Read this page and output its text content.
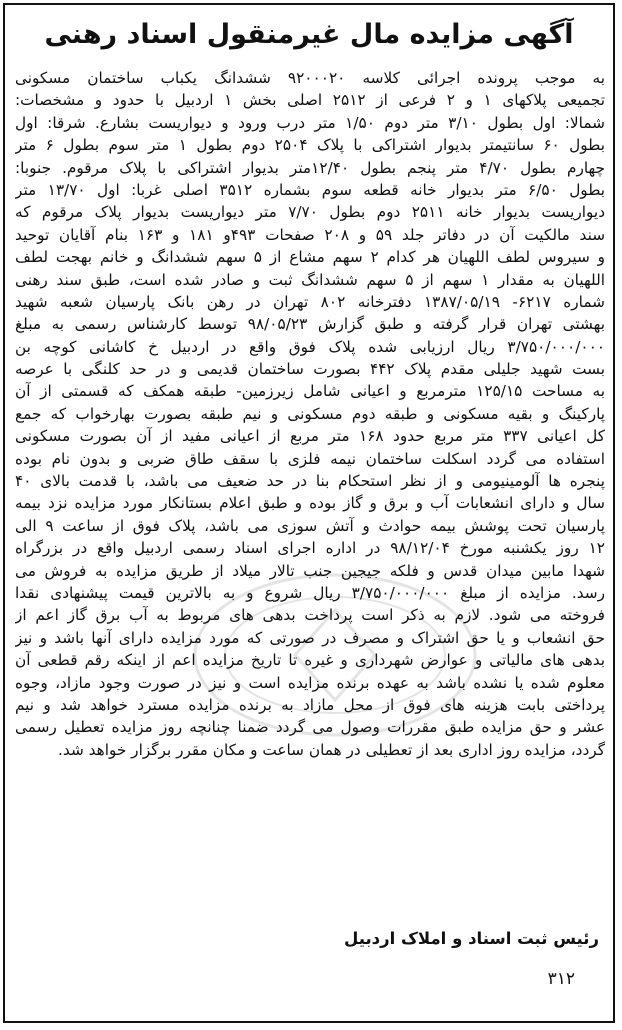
آگهی مزایده مال غیرمنقول اسناد رهنی
به موجب پرونده اجرائی کلاسه ۹۲۰۰۰۲۰ ششدانگ یکباب ساختمان مسکونی
تجمیعی پلاکهای ۱ و ۲ فرعی از ۲۵۱۲ اصلی بخش ۱ اردبیل با حدود و مشخصات:
شمالا: اول بطول ۳/۱۰ متر دوم ۱/۵۰ متر درب ورود و دیواریست بشارع. شرقا: اول
بطول ۶۰ سانتیمتر بدیوار اشتراکی با پلاک ۲۵۰۴ دوم بطول ۱ متر سوم بطول ۶ متر
چهارم بطول ۴/۷۰ متر پنجم بطول ۱۲/۴۰متر بدیوار اشتراکی با پلاک مرقوم. جنوبا:
بطول ۶/۵۰ متر بدیوار خانه قطعه سوم بشماره ۳۵۱۲ اصلی غربا: اول ۱۳/۷۰ متر
دیواریست بدیوار خانه ۲۵۱۱ دوم بطول ۷/۷۰ متر دیواریست بدیوار پلاک مرقوم که
سند مالکیت آن در دفاتر جلد ۵۹ و ۲۰۸ صفحات ۴۹۳و ۱۸۱ و ۱۶۳ بنام آقایان توحید
و سیروس لطف اللهیان هر کدام ۲ سهم مشاع از ۵ سهم ششدانگ و خانم بهجت لطف
اللهیان به مقدار ۱ سهم از ۵ سهم ششدانگ ثبت و صادر شده است، طبق سند رهنی
شماره ۶۲۱۷- ۱۳۸۷/۰۵/۱۹ دفترخانه ۸۰۲ تهران در رهن بانک پارسیان شعبه شهید
بهشتی تهران قرار گرفته و طبق گزارش ۹۸/۰۵/۲۳ توسط کارشناس رسمی به مبلغ
۳/۷۵۰/۰۰۰/۰۰۰ ریال ارزیابی شده پلاک فوق واقع در اردبیل خ کاشانی کوچه بن
بست شهید جلیلی مقدم پلاک ۴۴۲ بصورت ساختمان قدیمی و در حد کلنگی با عرصه
به مساحت ۱۲۵/۱۵ مترمربع و اعیانی شامل زیرزمین- طبقه همکف که قسمتی از آن
پارکینگ و بقیه مسکونی و طبقه دوم مسکونی و نیم طبقه بصورت بهارخواب که جمع
کل اعیانی ۳۳۷ متر مربع حدود ۱۶۸ متر مربع از اعیانی مفید از آن بصورت مسکونی
استفاده می گردد اسکلت ساختمان نیمه فلزی با سقف طاق ضربی و بدون نام بوده
پنجره ها آلومینیومی و از نظر استحکام بنا در حد ضعیف می باشد، با قدمت بالای ۴۰
سال و دارای انشعابات آب و برق و گاز بوده و طبق اعلام بستانکار مورد مزایده نزد بیمه
پارسیان تحت پوشش بیمه حوادث و آتش سوزی می باشد، پلاک فوق از ساعت ۹ الی
۱۲ روز یکشنبه مورخ ۹۸/۱۲/۰۴ در اداره اجرای اسناد رسمی اردبیل واقع در بزرگراه
شهدا مابین میدان قدس و فلکه جیجین جنب تالار میلاد از طریق مزایده به فروش می
رسد. مزایده از مبلغ ۳/۷۵۰/۰۰۰/۰۰۰ ریال شروع و به بالاترین قیمت پیشنهادی نقدا
فروخته می شود. لازم به ذکر است پرداخت بدهی های مربوط به آب برق گاز اعم از
حق انشعاب و یا حق اشتراک و مصرف در صورتی که مورد مزایده دارای آنها باشد و نیز
بدهی های مالیاتی و عوارض شهرداری و غیره تا تاریخ مزایده اعم از اینکه رقم قطعی آن
معلوم شده یا نشده باشد به عهده برنده مزایده است و نیز در صورت وجود مازاد، وجوه
پرداختی بابت هزینه های فوق از محل مازاد به برنده مزایده مسترد خواهد شد و نیم
عشر و حق مزایده طبق مقررات وصول می گردد ضمنا چنانچه روز مزایده تعطیل رسمی
گردد، مزایده روز اداری بعد از تعطیلی در همان ساعت و مکان مقرر برگزار خواهد شد.
رئیس ثبت اسناد و املاک اردبیل
۳۱۲
